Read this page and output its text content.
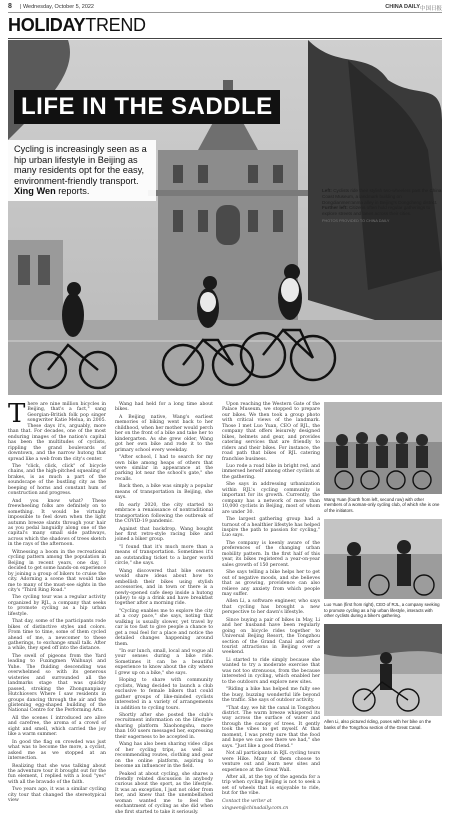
8 | Wednesday, October 5, 2022	CHINA DAILY 中国日报
HOLIDAYTREND
LIFE IN THE SADDLE
Cycling is increasingly seen as a hip urban lifestyle in Beijing as many residents opt for the easy, environment-friendly transport. Xing Wen reports.	Left: Cyclists ride their stylish two-wheelers past the China Coast Museum, a landmark building on Dongdianmen'anma alley in Beijing's Dongcheng district. Further left: Citizens often hold regular gatherings to explore streets and lanes across their cities.
PHOTOS PROVIDED TO CHINA DAILY
T here are nine million bicycles in Beijing, that's a fact," sang Georgian-British folk pop singer songwriter Katie Melua, in 2005. These days it's, arguably, more than that. For decades, one of the most enduring images of the nation's capital has been the multitudes of cyclists, rippling the grand boulevards of downtown, and the narrow hutong that spread like a web from the city's center.

The "click, click, click" of bicycle chains, and the high-pitched squealing of brakes, is as much a part of the soundscape of the bustling city as the beeping of horns and constant hum of construction and progress.

And you know what? These freewheeling folks are definitely on to something. It would be virtually impossible to feel down when the light autumn breeze slants through your hair as you pedal languidly along one of the capital's many small side pathways, across which the shadows of trees sketch in the rays of the afternoon.

Witnessing a boom in the recreational cycling pattern among the population in Beijing in recent years, one day, I decided to get some hands-on experience by joining a group of bikers to cruise the city. Adorning a scene that would take me to many of the must-see sights in the city's "Third Ring Road."

The cycling tour was a regular activity organized by RJL, a company that seeks to promote cycling as a hip urban lifestyle.

That day, some of the participants rode bikes of distinctive styles and colors. From time to time, some of them cycled ahead of me, a newcomer to these gatherings, to exchange small talk. After a while, they sped off into the distance.

The swell of pigeons from the Yard leading to Fuxingmen Waihuayi and Yuhe. The fluiding descending was overwhelmed so with its generous wisteries and surrounded all the landmarks stage that was quickly passed, stroking the Zhongnanpiaoy Hutchiovers Where I saw residents in groups dancing through the air and the glistening egg-shaped building of the National Centre for the Performing Arts.

All the scenes I introduced are alive and carefree, the aroma of a crowd of sight and smell, which carried the joy like a warm summer.

In good the flag on crowded was just what was to become the more, a cyclist, asked me as we stopped at an intersection.

Realizing that she was talking about the adventure tour it brought out for the fun element, I replied with a loud "yes" with all the bravado of the faith.

Two years ago, it was a similar cycling city tour that changed the stereotypical view

Wang had held for a long time about bikes.

A Beijing native, Wang's earliest memories of biking went back to her childhood, when her mother would perch her on the front of a bike and take her to kindergarten. As she grew older, Wang got her own bike and rode it to the primary school every weekday.

"After school, I had to search for my own bike among heaps of others that were similar in appearance at the parking lot near the school's gate," she recalls.

Back then, a bike was simply a popular means of transportation in Beijing, she says.

In early 2020, the city started to embrace a renaissance of nontraditional transportation following the outbreak of the COVID-19 pandemic.

Against that backdrop, Wang bought her first retro-style racing bike and joined a biker group.

"I found that it's much more than a means of transportation. Sometimes it's an outstanding ticket to a larger world circle," she says.

Wang discovered that bike owners would share ideas about how to embellish their bikes using stylish accessories, and in town or there is a newly-opened cafe deep inside a hutong (alley) to sip a drink and have breakfast together after a morning ride.

"Cycling enables me to explore the city at a cozy pace," she says, noting that walking is usually slower, yet travel by car is too fast to give people a chance to get a real feel for a place and notice the detailed changes happening around them.

"In our lunch, small, local and vogue all your senses during a bike ride. Sometimes it can be a beautiful experience to know about the city where I grew up on a bike," she says.

Hoping to share with community cyclists, Wang decided to launch a club exclusive to female bikers that could gather groups of like-minded cyclists interested in a variety of arrangements in addition to cycling tours.

Shortly after she posted the club's recruitment information on the lifestyle-sharing platform Xiaohongshu, more than 160 users messaged her, expressing their eagerness to be accepted in.

Wang has also been sharing video clips of her cycling trips, as well as recommending routes, clothing and gear on the online platform, aspiring to become an influencer in the field.

Peaked at about cycling, she shares a friendly related discussion in anybody curious about the sport, as the lifestyle. It was an exception, I just not older from her, and knew that the unembellished woman wanted me to feel the enchantment of cycling as she did when she first started to take it seriously.

Upon reaching the Western Gate of the Palace Museum, we stopped to prepare our bikes. We then took a group photo with critical views of the landmark. Those I met Luo Yuan, CEO of RJL, the company that offers leisurely designed bikes, helmets and gear, and provides catering services that are friendly to riders and their bikes. For instance, the road path that bikes of RJL catering franchise business.

Luo rode a road bike in bright red, and immersed herself among other cyclists at the gathering.

She says in addressing urbanization within RJL's cycling community is important for its growth. Currently, the company has a network of more than 10,000 cyclists in Beijing, most of whom are under 30.

The largest gathering group had a turnout of a healthier lifestyle has helped inspire the path to passion for cycling," Luo says.

The company is keenly aware of the preferences of the changing urban mobility pattern. In the first half of this year, its bikes registered a year-on-year sales growth of 150 percent.

She says telling a bike helps her to get out of negative moods, and she believes that as growing, providence can also relieve any anxiety from which people may suffer.

Allen Li, a software engineer, who says that cycling has brought a new perspective to her dawn's lifestyle.

Since buying a pair of bikes in May, Li and her husband have been regularly going on bicycle rides together to Universal Beijing Resort, the Tongzhou section of the Grand Canal and other tourist attractions in Beijing over a weekend.

Li started to ride simply because she wanted to try a moderate exercise that was not too strenuous, from the because interested in cycling, which enabled her to the outdoors and explore new sites.

"Riding a bike has helped me fully see the busy, buzzing wonderful life beyond the traffic. She says of outdoor activity.

"That day, we hit the canal in Tongzhou district. The warm breeze whispered its way across the surface of water and through the canopy of trees. It gently took the vibes to get myself. At that moment, I was pretty sure that the food and hope we can see there we had," she says. "Just like a good friend."

Not all participants in RJL cycling tours were Hike. Many of them choose to venture out and learn new sites and experience at the Great Wall.

After all, at the top of the agenda for a trip when cycling Beijing is not to seek a set of wheels that is enjoyable to ride, but for the vibe.

Contact the writer at

xingwen@chinadaily.com.cn

Wang Yuan (fourth from left, second row) with other members of a woman-only cycling club, of which she is one of the initiators.
Luo Yuan (first from right), CEO of RJL, a company seeking to promote cycling as a hip urban lifestyle, interacts with other cyclists during a biker's gathering.
Allen Li, also pictured riding, poses with her bike on the banks of the Tongzhou section of the Great Canal.
